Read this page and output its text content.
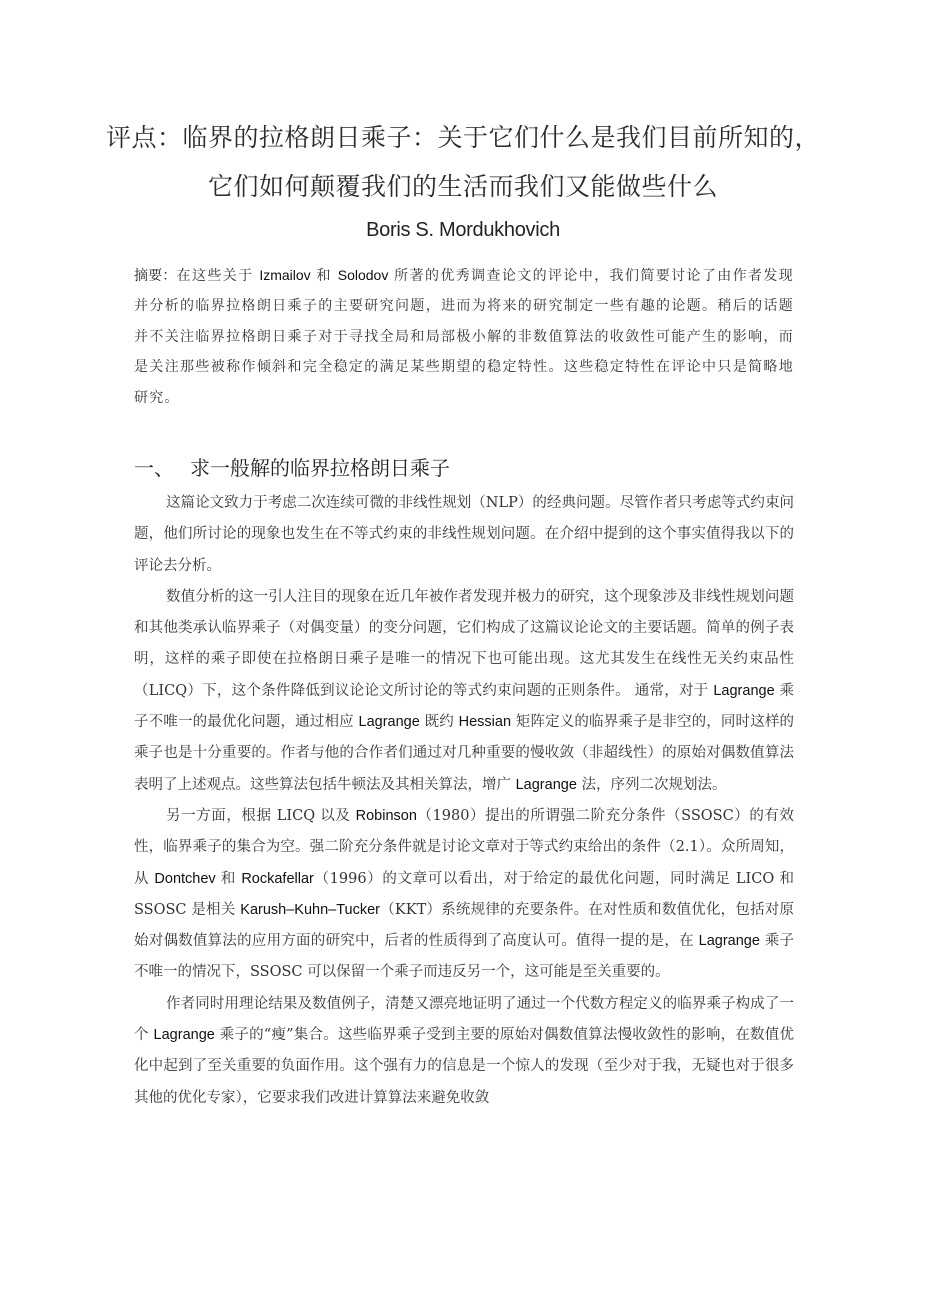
评点：临界的拉格朗日乘子：关于它们什么是我们目前所知的，
它们如何颠覆我们的生活而我们又能做些什么
Boris S. Mordukhovich
摘要：在这些关于 Izmailov 和 Solodov 所著的优秀调查论文的评论中，我们简要讨论了由作者发现并分析的临界拉格朗日乘子的主要研究问题，进而为将来的研究制定一些有趣的论题。稍后的话题并不关注临界拉格朗日乘子对于寻找全局和局部极小解的非数值算法的收敛性可能产生的影响，而是关注那些被称作倾斜和完全稳定的满足某些期望的稳定特性。这些稳定特性在评论中只是简略地研究。
一、 求一般解的临界拉格朗日乘子

这篇论文致力于考虑二次连续可微的非线性规划（NLP）的经典问题。尽管作者只考虑等式约束问题，他们所讨论的现象也发生在不等式约束的非线性规划问题。在介绍中提到的这个事实值得我以下的评论去分析。

数值分析的这一引人注目的现象在近几年被作者发现并极力的研究，这个现象涉及非线性规划问题和其他类承认临界乘子（对偶变量）的变分问题，它们构成了这篇议论论文的主要话题。简单的例子表明，这样的乘子即使在拉格朗日乘子是唯一的情况下也可能出现。这尤其发生在线性无关约束品性（LICQ）下，这个条件降低到议论论文所讨论的等式约束问题的正则条件。 通常，对于 Lagrange 乘子不唯一的最优化问题，通过相应 Lagrange 既约 Hessian 矩阵定义的临界乘子是非空的，同时这样的乘子也是十分重要的。作者与他的合作者们通过对几种重要的慢收敛（非超线性）的原始对偶数值算法表明了上述观点。这些算法包括牛顿法及其相关算法，增广 Lagrange 法，序列二次规划法。

另一方面，根据 LICQ 以及 Robinson（1980）提出的所谓强二阶充分条件（SSOSC）的有效性，临界乘子的集合为空。强二阶充分条件就是讨论文章对于等式约束给出的条件（2.1）。众所周知，从 Dontchev 和 Rockafellar（1996）的文章可以看出，对于给定的最优化问题，同时满足 LICO 和 SSOSC 是相关 Karush–Kuhn–Tucker（KKT）系统规律的充要条件。在对性质和数值优化，包括对原始对偶数值算法的应用方面的研究中，后者的性质得到了高度认可。值得一提的是，在 Lagrange 乘子不唯一的情况下，SSOSC 可以保留一个乘子而违反另一个，这可能是至关重要的。

作者同时用理论结果及数值例子，清楚又漂亮地证明了通过一个代数方程定义的临界乘子构成了一个 Lagrange 乘子的“瘦”集合。这些临界乘子受到主要的原始对偶数值算法慢收敛性的影响，在数值优化中起到了至关重要的负面作用。这个强有力的信息是一个惊人的发现（至少对于我，无疑也对于很多其他的优化专家），它要求我们改进计算算法来避免收敛
